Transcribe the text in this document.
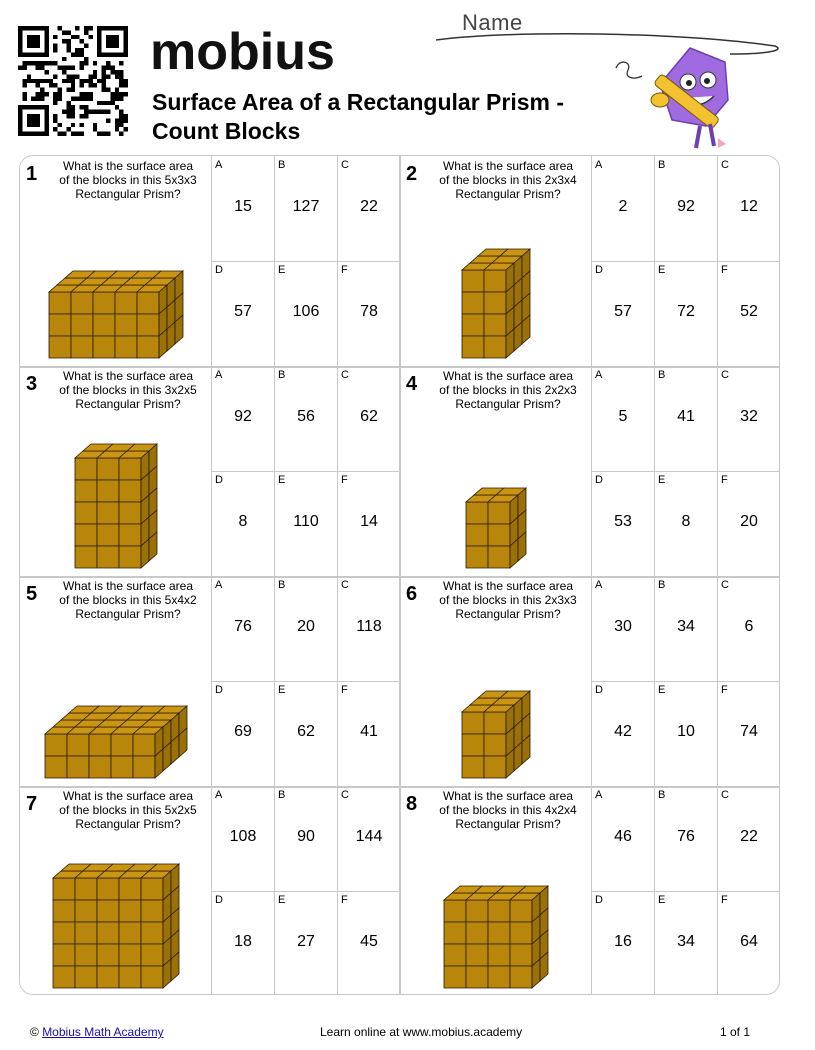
mobius
Surface Area of a Rectangular Prism - Count Blocks
Name
1	What is the surface area of the blocks in this 5x3x3 Rectangular Prism?
A
15
B
127
C
22
D
57
E
106
F
78
2	What is the surface area of the blocks in this 2x3x4 Rectangular Prism?
A
2
B
92
C
12
D
57
E
72
F
52
3	What is the surface area of the blocks in this 3x2x5 Rectangular Prism?
A
92
B
56
C
62
D
8
E
110
F
14
4	What is the surface area of the blocks in this 2x2x3 Rectangular Prism?
A
5
B
41
C
32
D
53
E
8
F
20
5	What is the surface area of the blocks in this 5x4x2 Rectangular Prism?
A
76
B
20
C
118
D
69
E
62
F
41
6	What is the surface area of the blocks in this 2x3x3 Rectangular Prism?
A
30
B
34
C
6
D
42
E
10
F
74
7	What is the surface area of the blocks in this 5x2x5 Rectangular Prism?
A
108
B
90
C
144
D
18
E
27
F
45
8	What is the surface area of the blocks in this 4x2x4 Rectangular Prism?
A
46
B
76
C
22
D
16
E
34
F
64
© Mobius Math Academy	Learn online at www.mobius.academy	1 of 1
